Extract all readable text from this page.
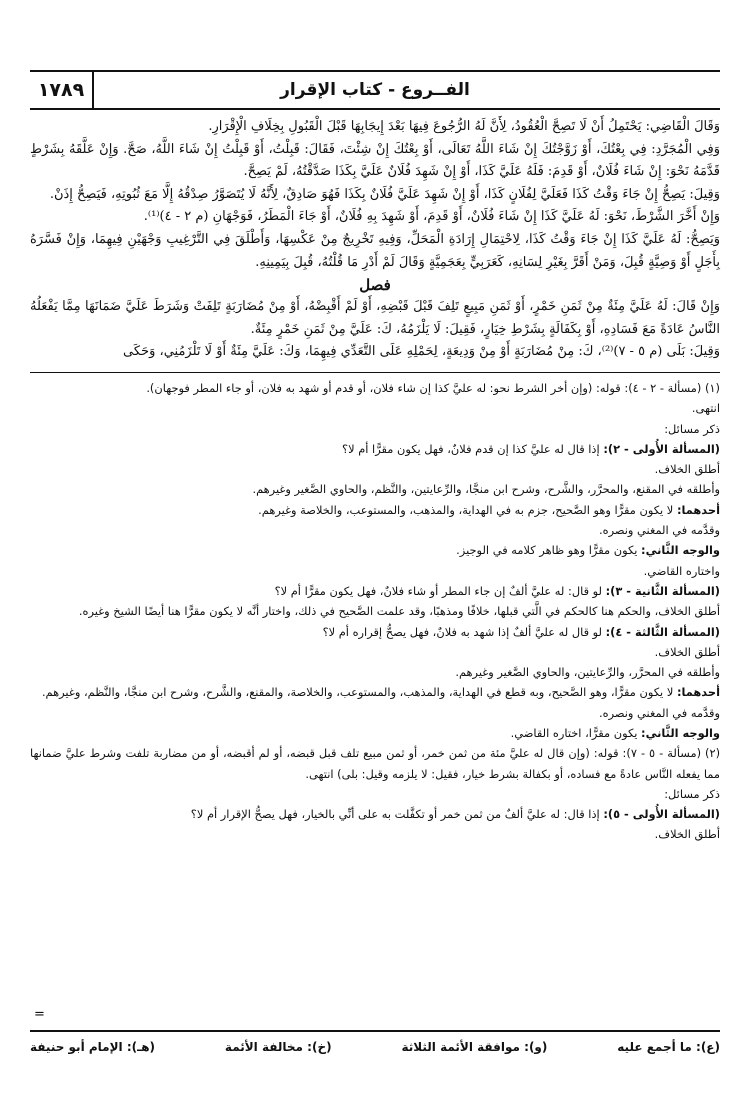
الفــروع - كتاب الإقرار
١٧٨٩

وَقَالَ الْقَاضِي: يَحْتَمِلُ أَنْ لَا تَصِحَّ الْعُقُودُ، لِأَنَّ لَهُ الرُّجُوعَ فِيهَا بَعْدَ إِيجَابِهَا قَبْلَ الْقَبُولِ بِخِلَافِ الْإِقْرَارِ.

وَفِي الْمُجَرَّدِ: فِي بِعْتُكَ، أَوْ زَوَّجْتُكَ إِنْ شَاءَ اللَّهُ تَعَالَى، أَوْ بِعْتُكَ إِنْ شِئْتَ، فَقَالَ: قَبِلْتُ، أَوْ قَبِلْتُ إِنْ شَاءَ اللَّهُ، صَحَّ. وَإِنْ عَلَّقَهُ بِشَرْطٍ قَدَّمَهُ نَحْوَ: إِنْ شَاءَ فُلَانٌ، أَوْ قَدِمَ: فَلَهُ عَلَيَّ كَذَا، أَوْ إِنْ شَهِدَ فُلَانٌ عَلَيَّ بِكَذَا صَدَّقْتُهُ، لَمْ يَصِحَّ.

وَقِيلَ: يَصِحُّ إِنْ جَاءَ وَقْتُ كَذَا فَعَلَيَّ لِفُلَانٍ كَذَا، أَوْ إِنْ شَهِدَ عَلَيَّ فُلَانٌ بِكَذَا فَهُوَ صَادِقٌ، لِأَنَّهُ لَا يُتَصَوَّرُ صِدْقُهُ إِلَّا مَعَ ثُبُوتِهِ، فَيَصِحُّ إِذَنْ.

وَإِنْ أَخَّرَ الشَّرْطَ، نَحْوَ: لَهُ عَلَيَّ كَذَا إِنْ شَاءَ فُلَانٌ، أَوْ قَدِمَ، أَوْ شَهِدَ بِهِ فُلَانٌ، أَوْ جَاءَ الْمَطَرُ، فَوَجْهَانِ (م ٢ - ٤)⁽¹⁾.

وَيَصِحُّ: لَهُ عَلَيَّ كَذَا إِنْ جَاءَ وَقْتُ كَذَا، لِاحْتِمَالِ إِرَادَةِ الْمَحَلِّ، وَفِيهِ تَخْرِيجٌ مِنْ عَكْسِهَا، وَأَطْلَقَ فِي التَّرْغِيبِ وَجْهَيْنِ فِيهِمَا، وَإِنْ فَسَّرَهُ بِأَجَلٍ أَوْ وَصِيَّةٍ قُبِلَ، وَمَنْ أَقَرَّ بِغَيْرِ لِسَانِهِ، كَعَرَبِيٍّ بِعَجَمِيَّةٍ وَقَالَ لَمْ أَدْرِ مَا قُلْتُهُ، قُبِلَ بِيَمِينِهِ.

فصل

وَإِنْ قَالَ: لَهُ عَلَيَّ مِئَةٌ مِنْ ثَمَنِ خَمْرٍ، أَوْ ثَمَنِ مَبِيعٍ تَلِفَ قَبْلَ قَبْضِهِ، أَوْ لَمْ أَقْبِضْهُ، أَوْ مِنْ مُضَارَبَةٍ تَلِفَتْ وَشَرَطَ عَلَيَّ ضَمَانَهَا مِمَّا يَفْعَلُهُ النَّاسُ عَادَةً مَعَ فَسَادِهِ، أَوْ بِكَفَالَةٍ بِشَرْطِ خِيَارٍ، فَقِيلَ: لَا يَلْزَمُهُ، كَ: عَلَيَّ مِنْ ثَمَنِ خَمْرٍ مِئَةٌ.

وَقِيلَ: بَلَى (م ٥ - ٧)⁽²⁾، كَ: مِنْ مُضَارَبَةٍ أَوْ مِنْ وَدِيعَةٍ، لِحَمْلِهِ عَلَى التَّعَدِّي فِيهِمَا، وَكَ: عَلَيَّ مِئَةٌ أَوْ لَا تَلْزَمُنِي، وَحَكَى

(١) (مسألة - ٢ - ٤): قوله: (وإن أخر الشرط نحو: له عليَّ كذا إن شاء فلان، أو قدم أو شهد به فلان، أو جاء المطر فوجهان).

انتهى.

ذكر مسائل:

(المسألة الأُولى - ٢): إذا قال له عليَّ كذا إن قدم فلانٌ، فهل يكون مقرًّا أم لا؟

أطلق الخلاف.

وأطلقه في المقنع، والمحرَّر، والشَّرح، وشرح ابن منجَّا، والرِّعايتين، والنَّظم، والحاوي الصَّغير وغيرهم.

أحدهما: لا يكون مقرًّا وهو الصَّحيح، جزم به في الهداية، والمذهب، والمستوعب، والخلاصة وغيرهم.

وقدَّمه في المغني ونصره.

والوجه الثَّاني: يكون مقرًّا وهو ظاهر كلامه في الوجيز.

واختاره القاضي.

(المسألة الثَّانية - ٣): لو قال: له عليَّ ألفٌ إن جاء المطر أو شاء فلانٌ، فهل يكون مقرًّا أم لا؟

أطلق الخلاف، والحكم هنا كالحكم في الَّتي قبلها، خلافًا ومذهبًا، وقد علمت الصَّحيح في ذلك، واختار أنَّه لا يكون مقرًّا هنا أيضًا الشيخ وغيره.

(المسألة الثَّالثة - ٤): لو قال له عليَّ ألفٌ إذا شهد به فلانٌ، فهل يصحُّ إقراره أم لا؟

أطلق الخلاف.

وأطلقه في المحرَّر، والرِّعايتين، والحاوي الصَّغير وغيرهم.

أحدهما: لا يكون مقرًّا، وهو الصَّحيح، وبه قطع في الهداية، والمذهب، والمستوعب، والخلاصة، والمقنع، والشَّرح، وشرح ابن منجَّا، والنَّظم، وغيرهم.

وقدَّمه في المغني ونصره.

والوجه الثَّاني: يكون مقرًّا، اختاره القاضي.

(٢) (مسألة - ٥ - ٧): قوله: (وإن قال له عليَّ مئة من ثمن خمر، أو ثمن مبيع تلف قبل قبضه، أو لم أقبضه، أو من مضاربة تلفت وشرط عليَّ ضمانها مما يفعله النَّاس عادةً مع فساده، أو بكفالة بشرط خيار، فقيل: لا يلزمه وقيل: بلى) انتهى.

ذكر مسائل:

(المسألة الأُولى - ٥): إذا قال: له عليَّ ألفٌ من ثمن خمر أو تكفَّلت به على أنِّي بالخيار، فهل يصحُّ الإقرار أم لا؟

أطلق الخلاف.

=
(ع): ما أجمع عليه
(و): موافقة الأئمة الثلاثة
(خ): مخالفة الأئمة
(هـ): الإمام أبو حنيفة
